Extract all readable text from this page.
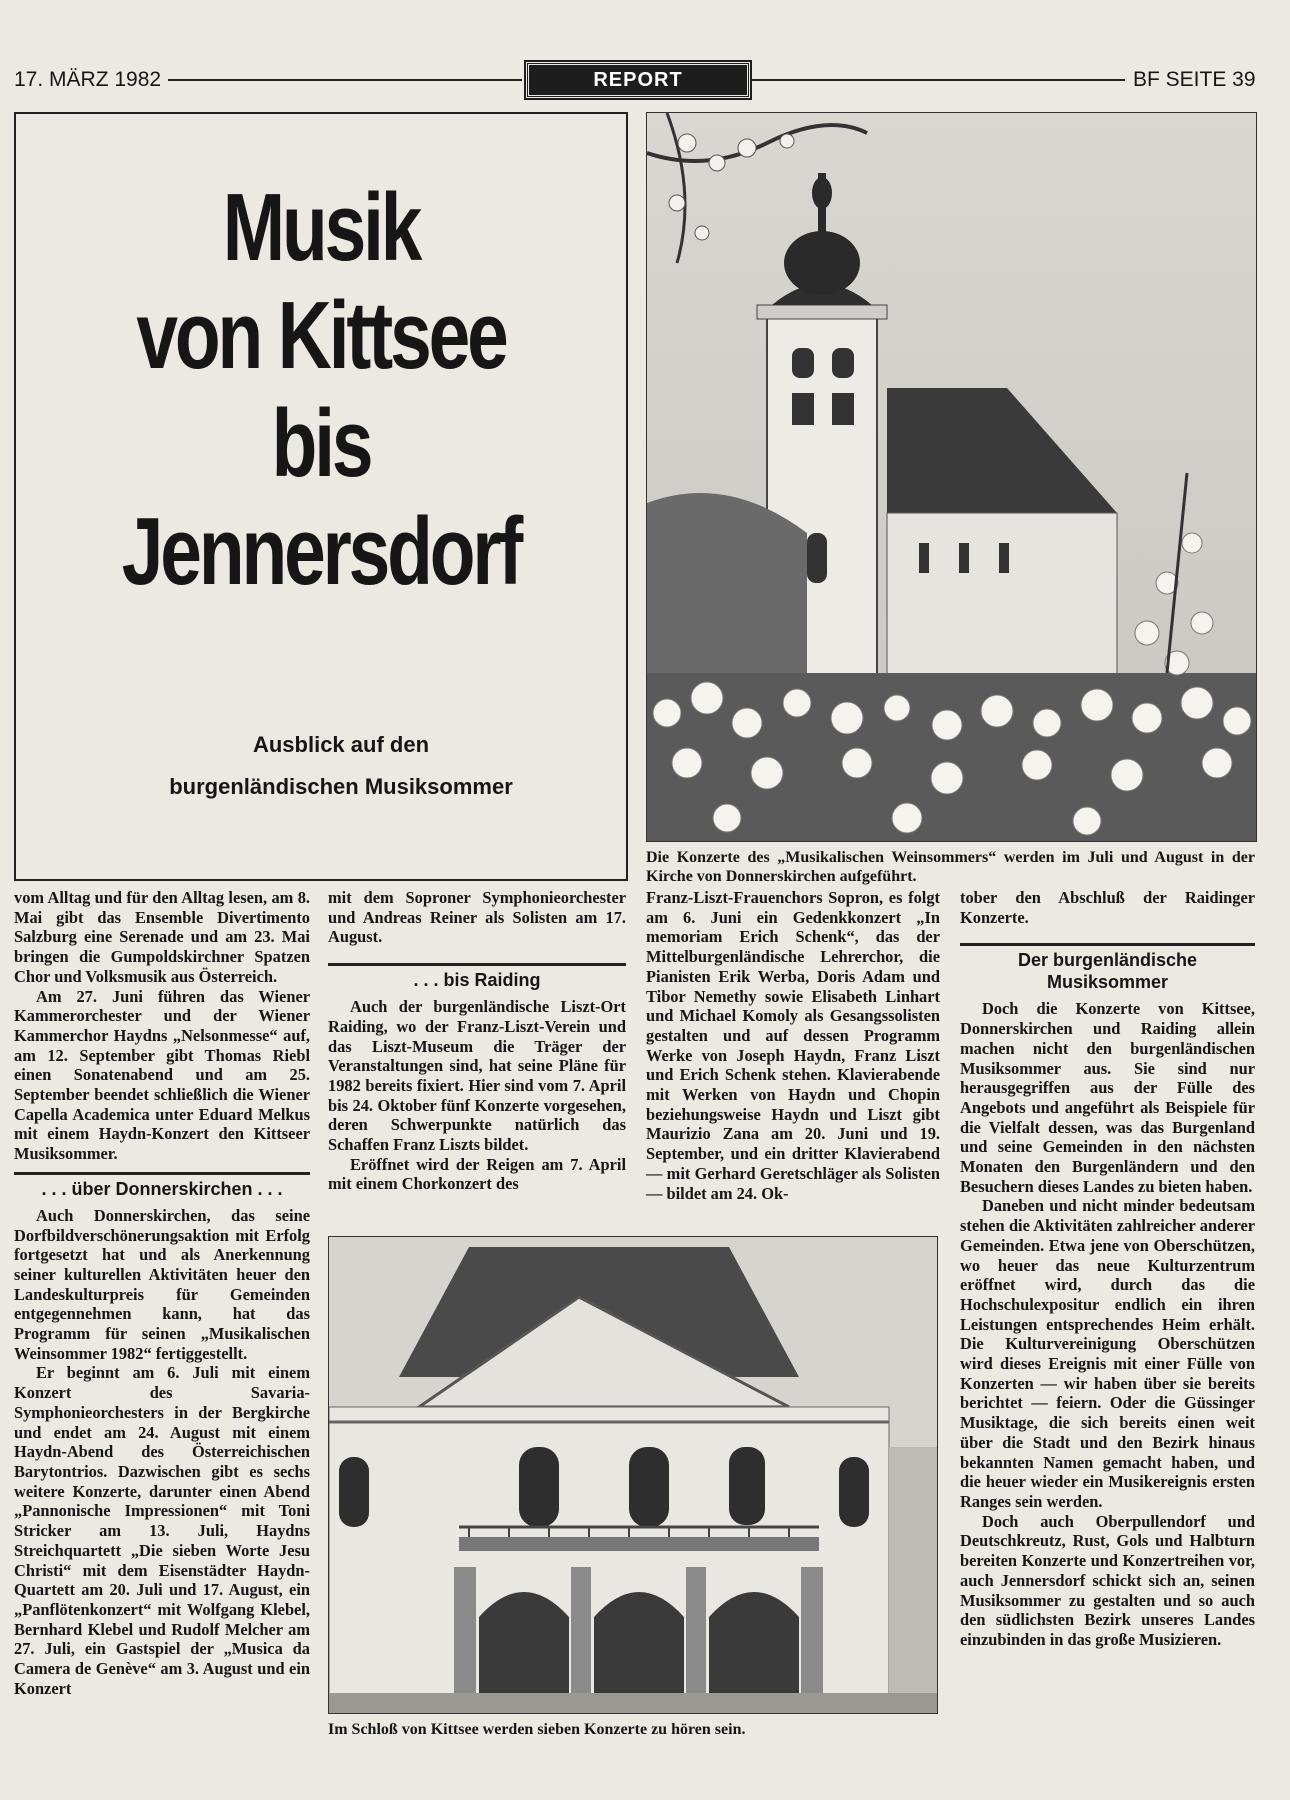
17. MÄRZ 1982	REPORT	BF SEITE 39
Musik
von Kittsee
bis
Jennersdorf
Ausblick auf den
burgenländischen Musiksommer
Die Konzerte des „Musikalischen Weinsommers“ werden im Juli und August in der Kirche von Donnerskirchen aufgeführt.

vom Alltag und für den Alltag lesen, am 8. Mai gibt das Ensemble Divertimento Salzburg eine Serenade und am 23. Mai bringen die Gumpoldskirchner Spatzen Chor und Volksmusik aus Österreich.

Am 27. Juni führen das Wiener Kammerorchester und der Wiener Kammerchor Haydns „Nelsonmesse“ auf, am 12. September gibt Thomas Riebl einen Sonatenabend und am 25. September beendet schließlich die Wiener Capella Academica unter Eduard Melkus mit einem Haydn-Konzert den Kittseer Musiksommer.

. . . über Donnerskirchen . . .

Auch Donnerskirchen, das seine Dorfbildverschönerungsaktion mit Erfolg fortgesetzt hat und als Anerkennung seiner kulturellen Aktivitäten heuer den Landeskulturpreis für Gemeinden entgegennehmen kann, hat das Programm für seinen „Musikalischen Weinsommer 1982“ fertiggestellt.

Er beginnt am 6. Juli mit einem Konzert des Savaria-Symphonieorchesters in der Bergkirche und endet am 24. August mit einem Haydn-Abend des Österreichischen Barytontrios. Dazwischen gibt es sechs weitere Konzerte, darunter einen Abend „Pannonische Impressionen“ mit Toni Stricker am 13. Juli, Haydns Streichquartett „Die sieben Worte Jesu Christi“ mit dem Eisenstädter Haydn-Quartett am 20. Juli und 17. August, ein „Panflötenkonzert“ mit Wolfgang Klebel, Bernhard Klebel und Rudolf Melcher am 27. Juli, ein Gastspiel der „Musica da Camera de Genève“ am 3. August und ein Konzert

mit dem Soproner Symphonieorchester und Andreas Reiner als Solisten am 17. August.

. . . bis Raiding

Auch der burgenländische Liszt-Ort Raiding, wo der Franz-Liszt-Verein und das Liszt-Museum die Träger der Veranstaltungen sind, hat seine Pläne für 1982 bereits fixiert. Hier sind vom 7. April bis 24. Oktober fünf Konzerte vorgesehen, deren Schwerpunkte natürlich das Schaffen Franz Liszts bildet.

Eröffnet wird der Reigen am 7. April mit einem Chorkonzert des

Franz-Liszt-Frauenchors Sopron, es folgt am 6. Juni ein Gedenkkonzert „In memoriam Erich Schenk“, das der Mittelburgenländische Lehrerchor, die Pianisten Erik Werba, Doris Adam und Tibor Nemethy sowie Elisabeth Linhart und Michael Komoly als Gesangssolisten gestalten und auf dessen Programm Werke von Joseph Haydn, Franz Liszt und Erich Schenk stehen. Klavierabende mit Werken von Haydn und Chopin beziehungsweise Haydn und Liszt gibt Maurizio Zana am 20. Juni und 19. September, und ein dritter Klavierabend — mit Gerhard Geretschläger als Solisten — bildet am 24. Ok-

tober den Abschluß der Raidinger Konzerte.

Der burgenländische Musiksommer

Doch die Konzerte von Kittsee, Donnerskirchen und Raiding allein machen nicht den burgenländischen Musiksommer aus. Sie sind nur herausgegriffen aus der Fülle des Angebots und angeführt als Beispiele für die Vielfalt dessen, was das Burgenland und seine Gemeinden in den nächsten Monaten den Burgenländern und den Besuchern dieses Landes zu bieten haben.

Daneben und nicht minder bedeutsam stehen die Aktivitäten zahlreicher anderer Gemeinden. Etwa jene von Oberschützen, wo heuer das neue Kulturzentrum eröffnet wird, durch das die Hochschulexpositur endlich ein ihren Leistungen entsprechendes Heim erhält. Die Kulturvereinigung Oberschützen wird dieses Ereignis mit einer Fülle von Konzerten — wir haben über sie bereits berichtet — feiern. Oder die Güssinger Musiktage, die sich bereits einen weit über die Stadt und den Bezirk hinaus bekannten Namen gemacht haben, und die heuer wieder ein Musikereignis ersten Ranges sein werden.

Doch auch Oberpullendorf und Deutschkreutz, Rust, Gols und Halbturn bereiten Konzerte und Konzertreihen vor, auch Jennersdorf schickt sich an, seinen Musiksommer zu gestalten und so auch den südlichsten Bezirk unseres Landes einzubinden in das große Musizieren.

Im Schloß von Kittsee werden sieben Konzerte zu hören sein.
